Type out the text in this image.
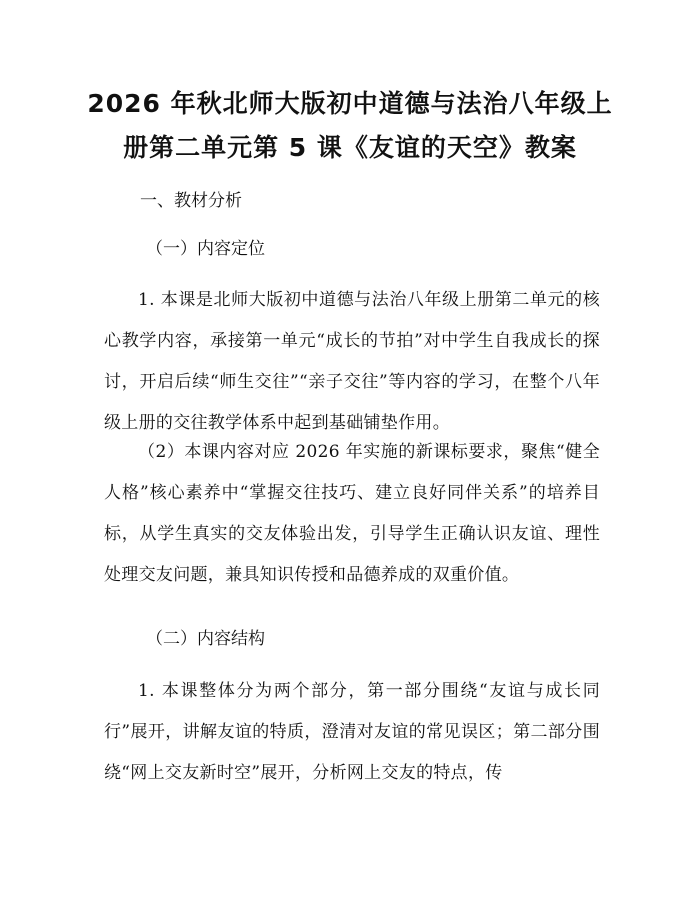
2026 年秋北师大版初中道德与法治八年级上
册第二单元第 5 课《友谊的天空》教案

一、教材分析

（一）内容定位

1. 本课是北师大版初中道德与法治八年级上册第二单元的核心教学内容，承接第一单元“成长的节拍”对中学生自我成长的探讨，开启后续“师生交往”“亲子交往”等内容的学习，在整个八年级上册的交往教学体系中起到基础铺垫作用。

（2）本课内容对应 2026 年实施的新课标要求，聚焦“健全人格”核心素养中“掌握交往技巧、建立良好同伴关系”的培养目标，从学生真实的交友体验出发，引导学生正确认识友谊、理性处理交友问题，兼具知识传授和品德养成的双重价值。

（二）内容结构

1. 本课整体分为两个部分，第一部分围绕“友谊与成长同行”展开，讲解友谊的特质，澄清对友谊的常见误区；第二部分围绕“网上交友新时空”展开，分析网上交友的特点，传
